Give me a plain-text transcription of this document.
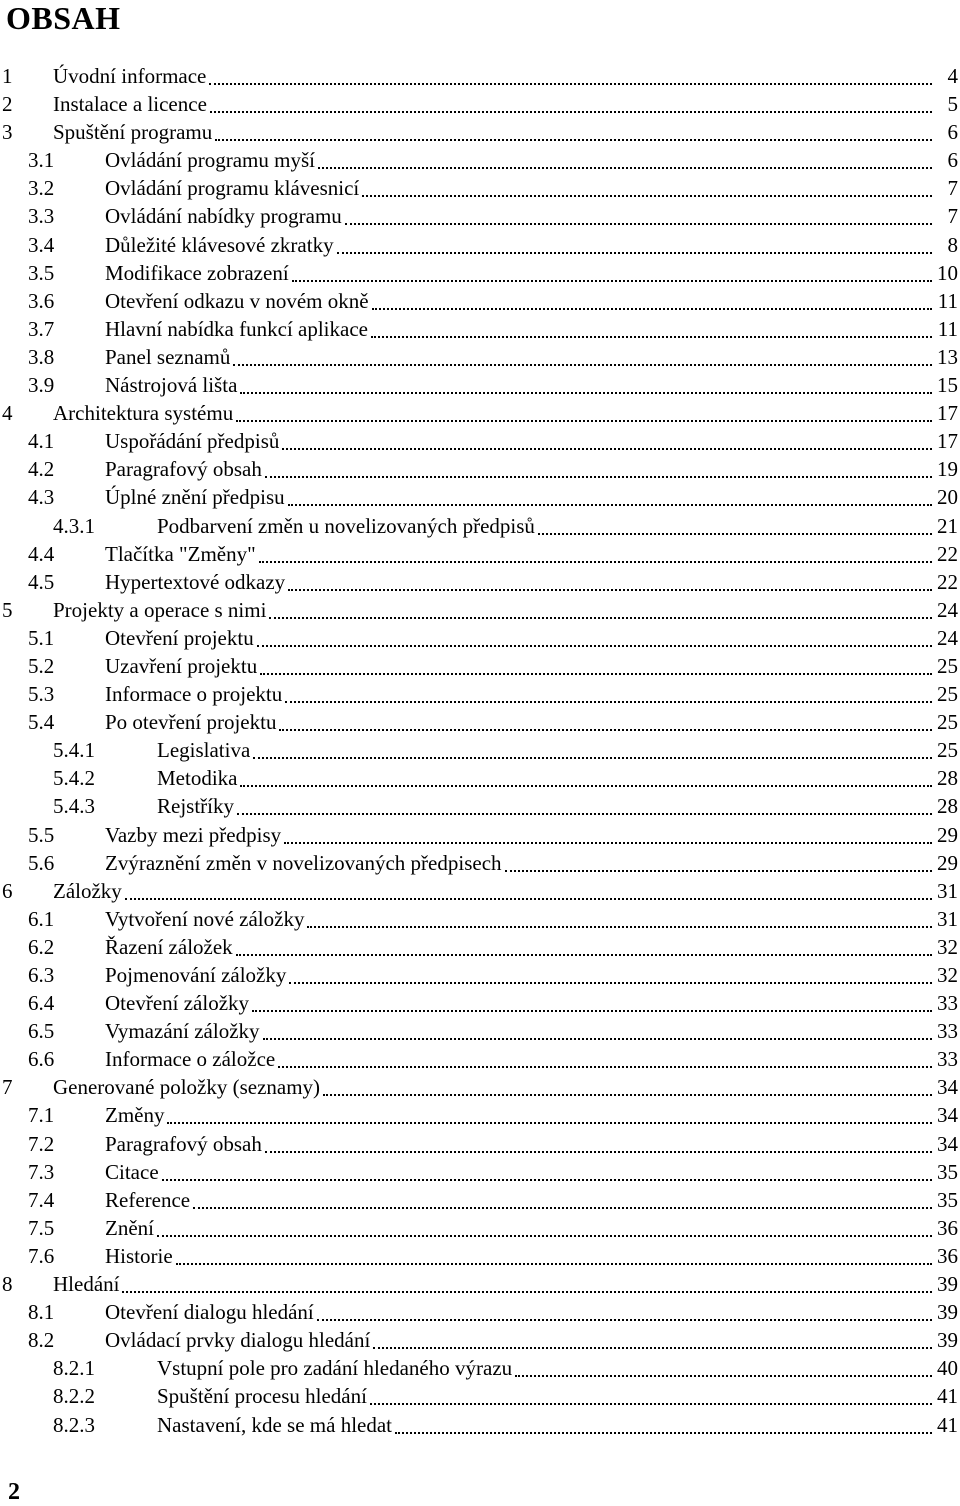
OBSAH
1 Úvodní informace	4
2 Instalace a licence	5
3 Spuštění programu	6
3.1 Ovládání programu myší	6
3.2 Ovládání programu klávesnicí	7
3.3 Ovládání nabídky programu	7
3.4 Důležité klávesové zkratky	8
3.5 Modifikace zobrazení	10
3.6 Otevření odkazu v novém okně	11
3.7 Hlavní nabídka funkcí aplikace	11
3.8 Panel seznamů	13
3.9 Nástrojová lišta	15
4 Architektura systému	17
4.1 Uspořádání předpisů	17
4.2 Paragrafový obsah	19
4.3 Úplné znění předpisu	20
4.3.1	Podbarvení změn u novelizovaných předpisů	21
4.4 Tlačítka "Změny"	22
4.5 Hypertextové odkazy	22
5 Projekty a operace s nimi	24
5.1 Otevření projektu	24
5.2 Uzavření projektu	25
5.3 Informace o projektu	25
5.4 Po otevření projektu	25
5.4.1	Legislativa	25
5.4.2	Metodika	28
5.4.3	Rejstříky	28
5.5 Vazby mezi předpisy	29
5.6 Zvýraznění změn v novelizovaných předpisech	29
6 Záložky	31
6.1 Vytvoření nové záložky	31
6.2 Řazení záložek	32
6.3 Pojmenování záložky	32
6.4 Otevření záložky	33
6.5 Vymazání záložky	33
6.6 Informace o záložce	33
7 Generované položky (seznamy)	34
7.1 Změny	34
7.2 Paragrafový obsah	34
7.3 Citace	35
7.4 Reference	35
7.5 Znění	36
7.6 Historie	36
8 Hledání	39
8.1 Otevření dialogu hledání	39
8.2 Ovládací prvky dialogu hledání	39
8.2.1	Vstupní pole pro zadání hledaného výrazu	40
8.2.2	Spuštění procesu hledání	41
8.2.3	Nastavení, kde se má hledat	41
2
